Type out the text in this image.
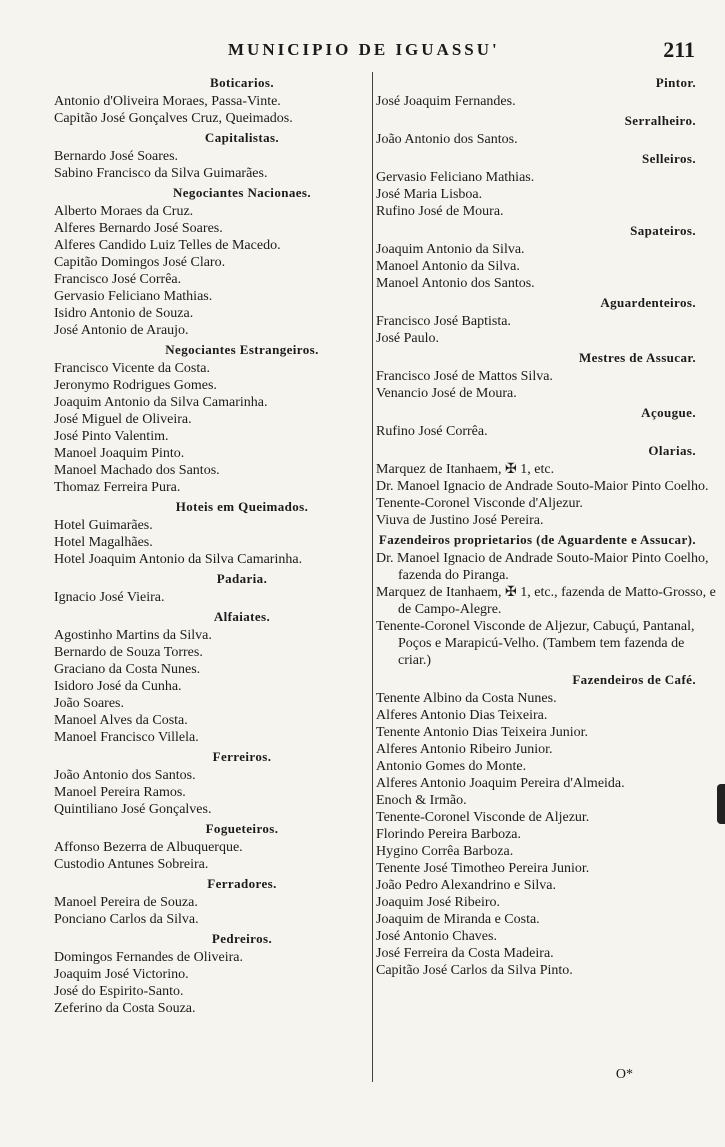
MUNICIPIO DE IGUASSU'	211
Boticarios.
Antonio d'Oliveira Moraes, Passa-Vinte.
Capitão José Gonçalves Cruz, Queimados.
Capitalistas.
Bernardo José Soares.
Sabino Francisco da Silva Guimarães.
Negociantes Nacionaes.
Alberto Moraes da Cruz.
Alferes Bernardo José Soares.
Alferes Candido Luiz Telles de Macedo.
Capitão Domingos José Claro.
Francisco José Corrêa.
Gervasio Feliciano Mathias.
Isidro Antonio de Souza.
José Antonio de Araujo.
Negociantes Estrangeiros.
Francisco Vicente da Costa.
Jeronymo Rodrigues Gomes.
Joaquim Antonio da Silva Camarinha.
José Miguel de Oliveira.
José Pinto Valentim.
Manoel Joaquim Pinto.
Manoel Machado dos Santos.
Thomaz Ferreira Pura.
Hoteis em Queimados.
Hotel Guimarães.
Hotel Magalhães.
Hotel Joaquim Antonio da Silva Camarinha.
Padaria.
Ignacio José Vieira.
Alfaiates.
Agostinho Martins da Silva.
Bernardo de Souza Torres.
Graciano da Costa Nunes.
Isidoro José da Cunha.
João Soares.
Manoel Alves da Costa.
Manoel Francisco Villela.
Ferreiros.
João Antonio dos Santos.
Manoel Pereira Ramos.
Quintiliano José Gonçalves.
Fogueteiros.
Affonso Bezerra de Albuquerque.
Custodio Antunes Sobreira.
Ferradores.
Manoel Pereira de Souza.
Ponciano Carlos da Silva.
Pedreiros.
Domingos Fernandes de Oliveira.
Joaquim José Victorino.
José do Espirito-Santo.
Zeferino da Costa Souza.
Pintor.
José Joaquim Fernandes.
Serralheiro.
João Antonio dos Santos.
Selleiros.
Gervasio Feliciano Mathias.
José Maria Lisboa.
Rufino José de Moura.
Sapateiros.
Joaquim Antonio da Silva.
Manoel Antonio da Silva.
Manoel Antonio dos Santos.
Aguardenteiros.
Francisco José Baptista.
José Paulo.
Mestres de Assucar.
Francisco José de Mattos Silva.
Venancio José de Moura.
Açougue.
Rufino José Corrêa.
Olarias.
Marquez de Itanhaem, ✠ 1, etc.
Dr. Manoel Ignacio de Andrade Souto-Maior Pinto Coelho.
Tenente-Coronel Visconde d'Aljezur.
Viuva de Justino José Pereira.
Fazendeiros proprietarios (de Aguardente e Assucar).
Dr. Manoel Ignacio de Andrade Souto-Maior Pinto Coelho, fazenda do Piranga.
Marquez de Itanhaem, ✠ 1, etc., fazenda de Matto-Grosso, e de Campo-Alegre.
Tenente-Coronel Visconde de Aljezur, Cabuçú, Pantanal, Poços e Marapicú-Velho. (Tambem tem fazenda de criar.)
Fazendeiros de Café.
Tenente Albino da Costa Nunes.
Alferes Antonio Dias Teixeira.
Tenente Antonio Dias Teixeira Junior.
Alferes Antonio Ribeiro Junior.
Antonio Gomes do Monte.
Alferes Antonio Joaquim Pereira d'Almeida.
Enoch & Irmão.
Tenente-Coronel Visconde de Aljezur.
Florindo Pereira Barboza.
Hygino Corrêa Barboza.
Tenente José Timotheo Pereira Junior.
João Pedro Alexandrino e Silva.
Joaquim José Ribeiro.
Joaquim de Miranda e Costa.
José Antonio Chaves.
José Ferreira da Costa Madeira.
Capitão José Carlos da Silva Pinto.
O*
